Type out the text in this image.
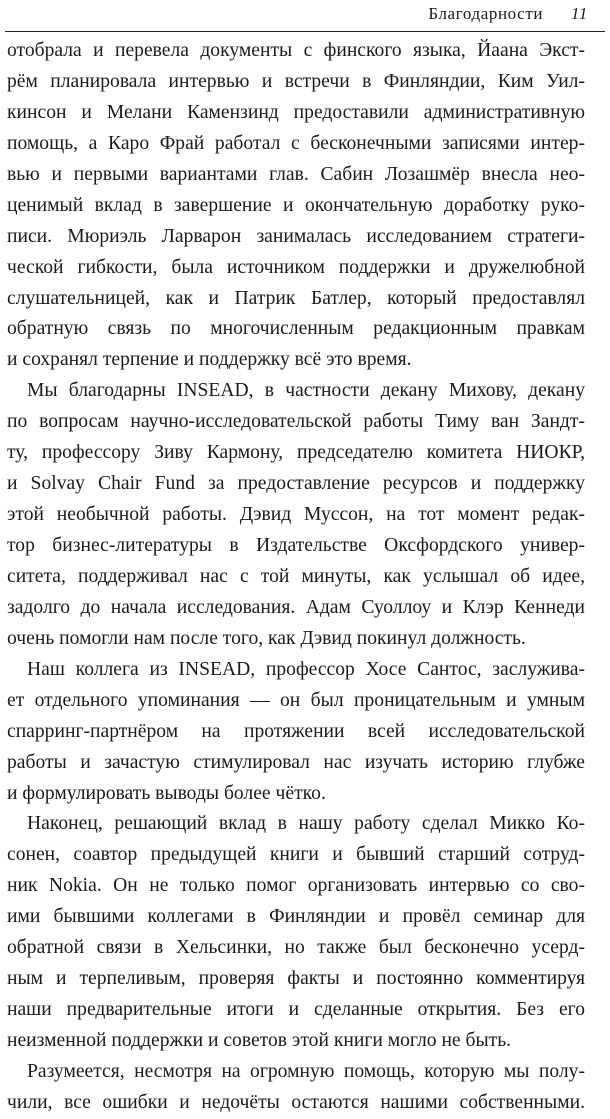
Благодарности 11
отобрала и перевела документы с финского языка, Йаана Экст-
рём планировала интервью и встречи в Финляндии, Ким Уил-
кинсон и Мелани Камензинд предоставили административную
помощь, а Каро Фрай работал с бесконечными записями интер-
вью и первыми вариантами глав. Сабин Лозашмёр внесла нео-
ценимый вклад в завершение и окончательную доработку руко-
писи. Мюриэль Ларварон занималась исследованием стратеги-
ческой гибкости, была источником поддержки и дружелюбной
слушательницей, как и Патрик Батлер, который предоставлял
обратную связь по многочисленным редакционным правкам
и сохранял терпение и поддержку всё это время.
Мы благодарны INSEAD, в частности декану Михову, декану
по вопросам научно-исследовательской работы Тиму ван Зандт-
ту, профессору Зиву Кармону, председателю комитета НИОКР,
и Solvay Chair Fund за предоставление ресурсов и поддержку
этой необычной работы. Дэвид Муссон, на тот момент редак-
тор бизнес-литературы в Издательстве Оксфордского универ-
ситета, поддерживал нас с той минуты, как услышал об идее,
задолго до начала исследования. Адам Суоллоу и Клэр Кеннеди
очень помогли нам после того, как Дэвид покинул должность.
Наш коллега из INSEAD, профессор Хосе Сантос, заслужива-
ет отдельного упоминания — он был проницательным и умным
спарринг-партнёром на протяжении всей исследовательской
работы и зачастую стимулировал нас изучать историю глубже
и формулировать выводы более чётко.
Наконец, решающий вклад в нашу работу сделал Микко Ко-
сонен, соавтор предыдущей книги и бывший старший сотруд-
ник Nokia. Он не только помог организовать интервью со сво-
ими бывшими коллегами в Финляндии и провёл семинар для
обратной связи в Хельсинки, но также был бесконечно усерд-
ным и терпеливым, проверяя факты и постоянно комментируя
наши предварительные итоги и сделанные открытия. Без его
неизменной поддержки и советов этой книги могло не быть.
Разумеется, несмотря на огромную помощь, которую мы полу-
чили, все ошибки и недочёты остаются нашими собственными.
